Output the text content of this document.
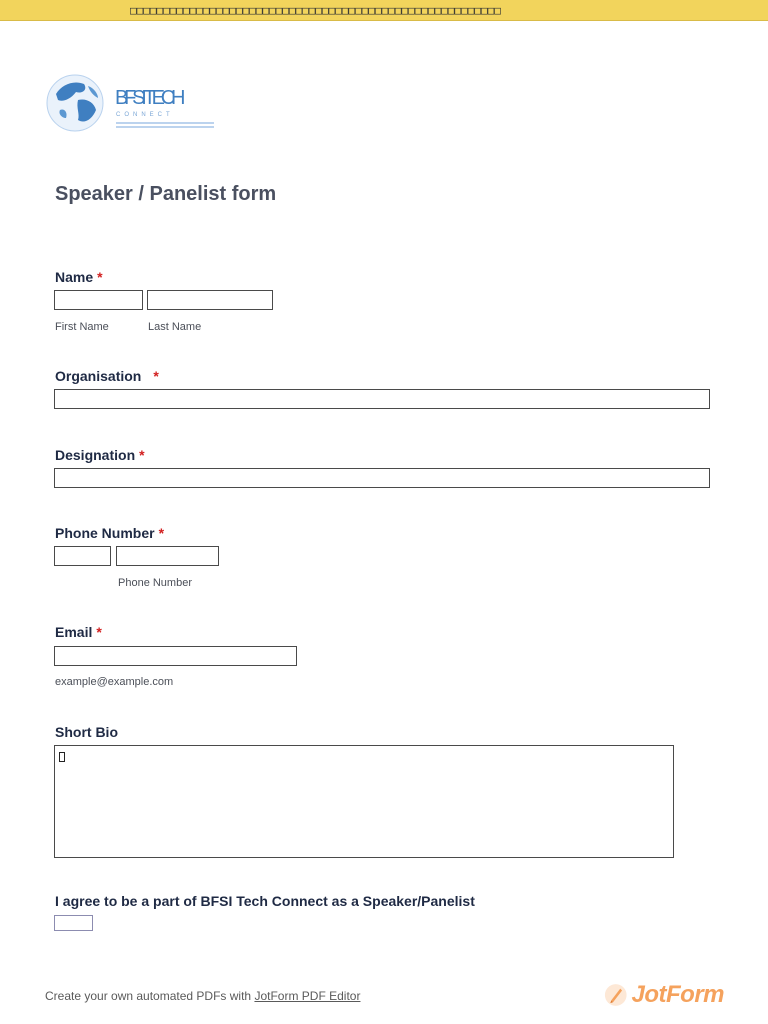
□□□□□□□□□□□□□□□□□□□□□□□□□□□□□□□□□□□□□□□□□□□□□□□□□□□□□□□□
BFSI TECH
CONNECT
Speaker / Panelist form
Name *
First Name	Last Name
Organisation *
Designation *
Phone Number *
Phone Number
Email *
example@example.com
Short Bio
I agree to be a part of BFSI Tech Connect as a Speaker/Panelist
Create your own automated PDFs with JotForm PDF Editor	JotForm
